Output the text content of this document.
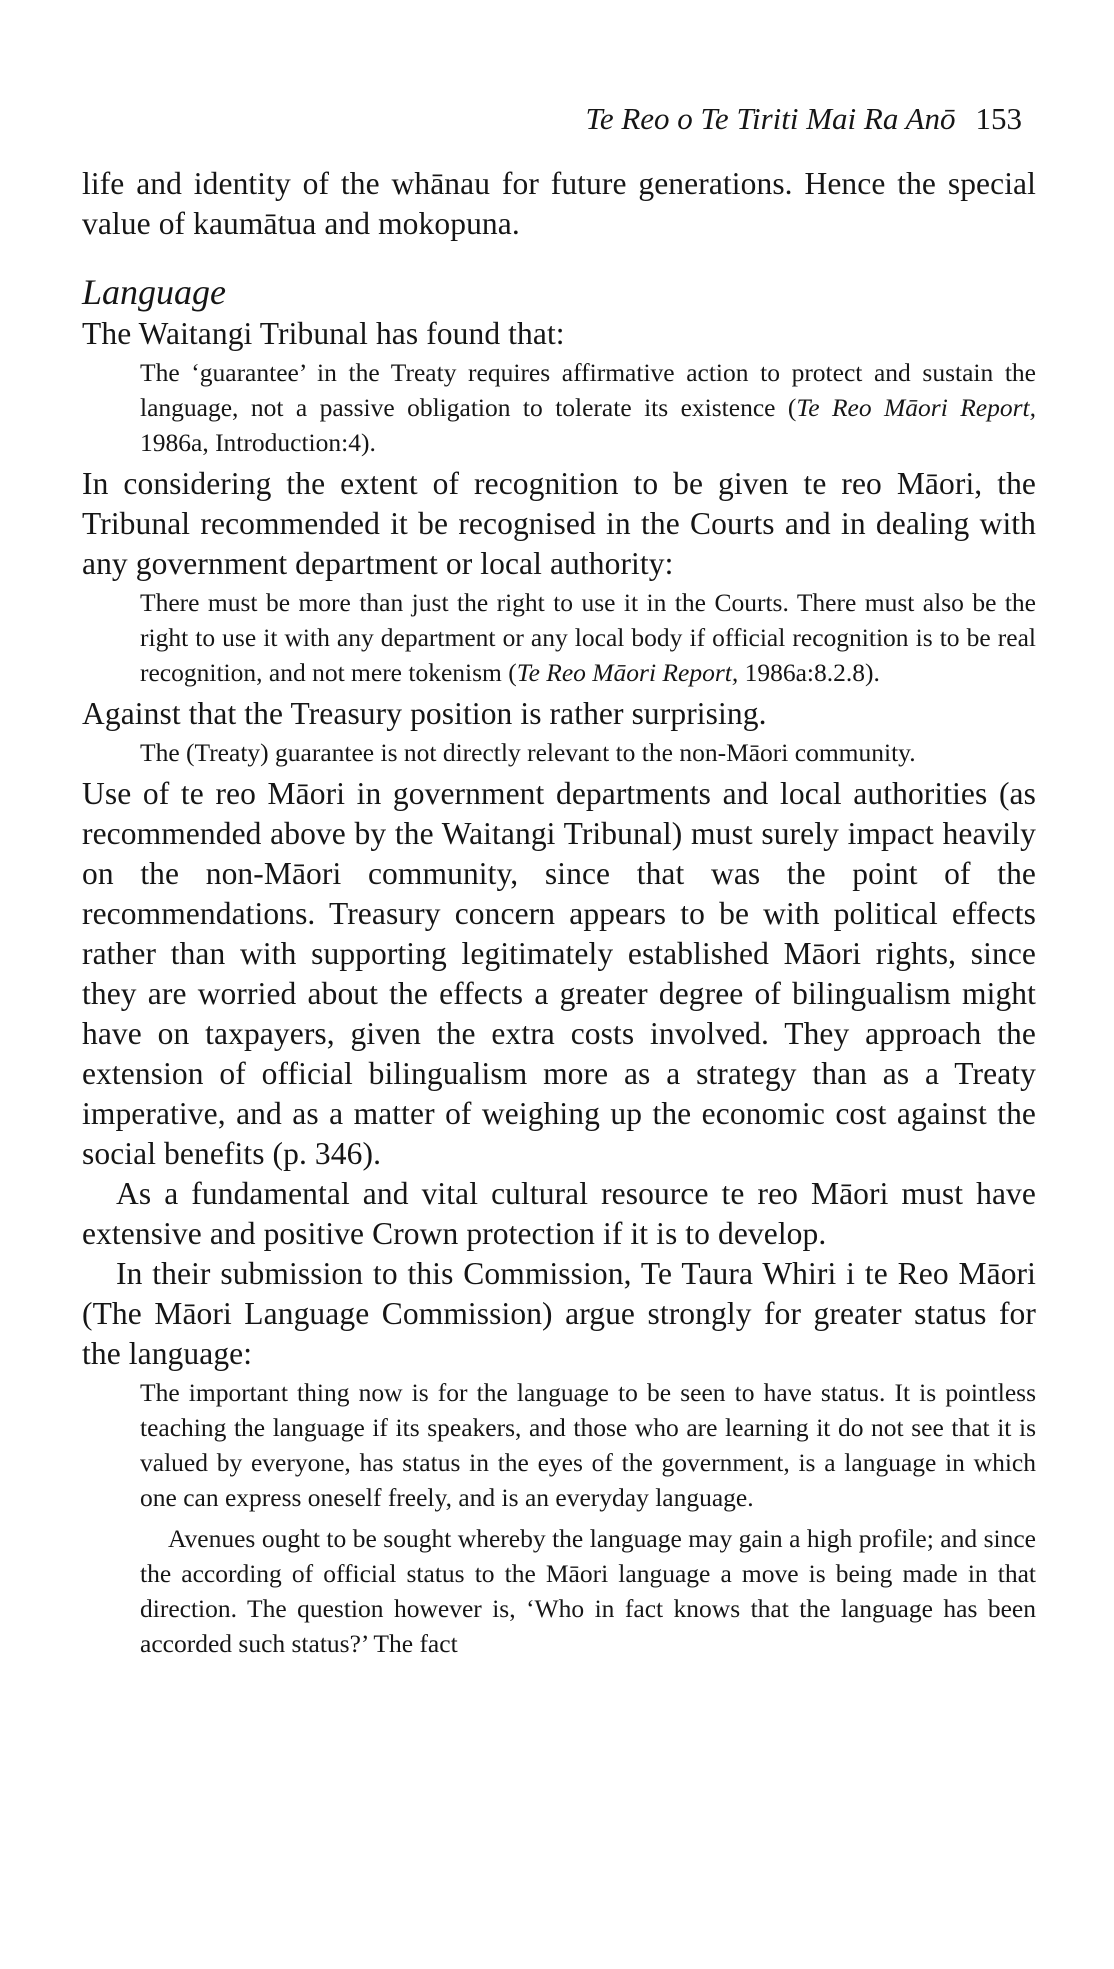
Te Reo o Te Tiriti Mai Ra Anō 153

life and identity of the whānau for future generations. Hence the special value of kaumātua and mokopuna.

Language

The Waitangi Tribunal has found that:

The ‘guarantee’ in the Treaty requires affirmative action to protect and sustain the language, not a passive obligation to tolerate its existence (Te Reo Māori Report, 1986a, Introduction:4).

In considering the extent of recognition to be given te reo Māori, the Tribunal recommended it be recognised in the Courts and in dealing with any government department or local authority:

There must be more than just the right to use it in the Courts. There must also be the right to use it with any department or any local body if official recognition is to be real recognition, and not mere tokenism (Te Reo Māori Report, 1986a:8.2.8).

Against that the Treasury position is rather surprising.

The (Treaty) guarantee is not directly relevant to the non-Māori community.

Use of te reo Māori in government departments and local authorities (as recommended above by the Waitangi Tribunal) must surely impact heavily on the non-Māori community, since that was the point of the recommendations. Treasury concern appears to be with political effects rather than with supporting legitimately established Māori rights, since they are worried about the effects a greater degree of bilingualism might have on taxpayers, given the extra costs involved. They approach the extension of official bilingualism more as a strategy than as a Treaty imperative, and as a matter of weighing up the economic cost against the social benefits (p. 346).

As a fundamental and vital cultural resource te reo Māori must have extensive and positive Crown protection if it is to develop.

In their submission to this Commission, Te Taura Whiri i te Reo Māori (The Māori Language Commission) argue strongly for greater status for the language:

The important thing now is for the language to be seen to have status. It is pointless teaching the language if its speakers, and those who are learning it do not see that it is valued by everyone, has status in the eyes of the government, is a language in which one can express oneself freely, and is an everyday language.

Avenues ought to be sought whereby the language may gain a high profile; and since the according of official status to the Māori language a move is being made in that direction. The question however is, ‘Who in fact knows that the language has been accorded such status?’ The fact
